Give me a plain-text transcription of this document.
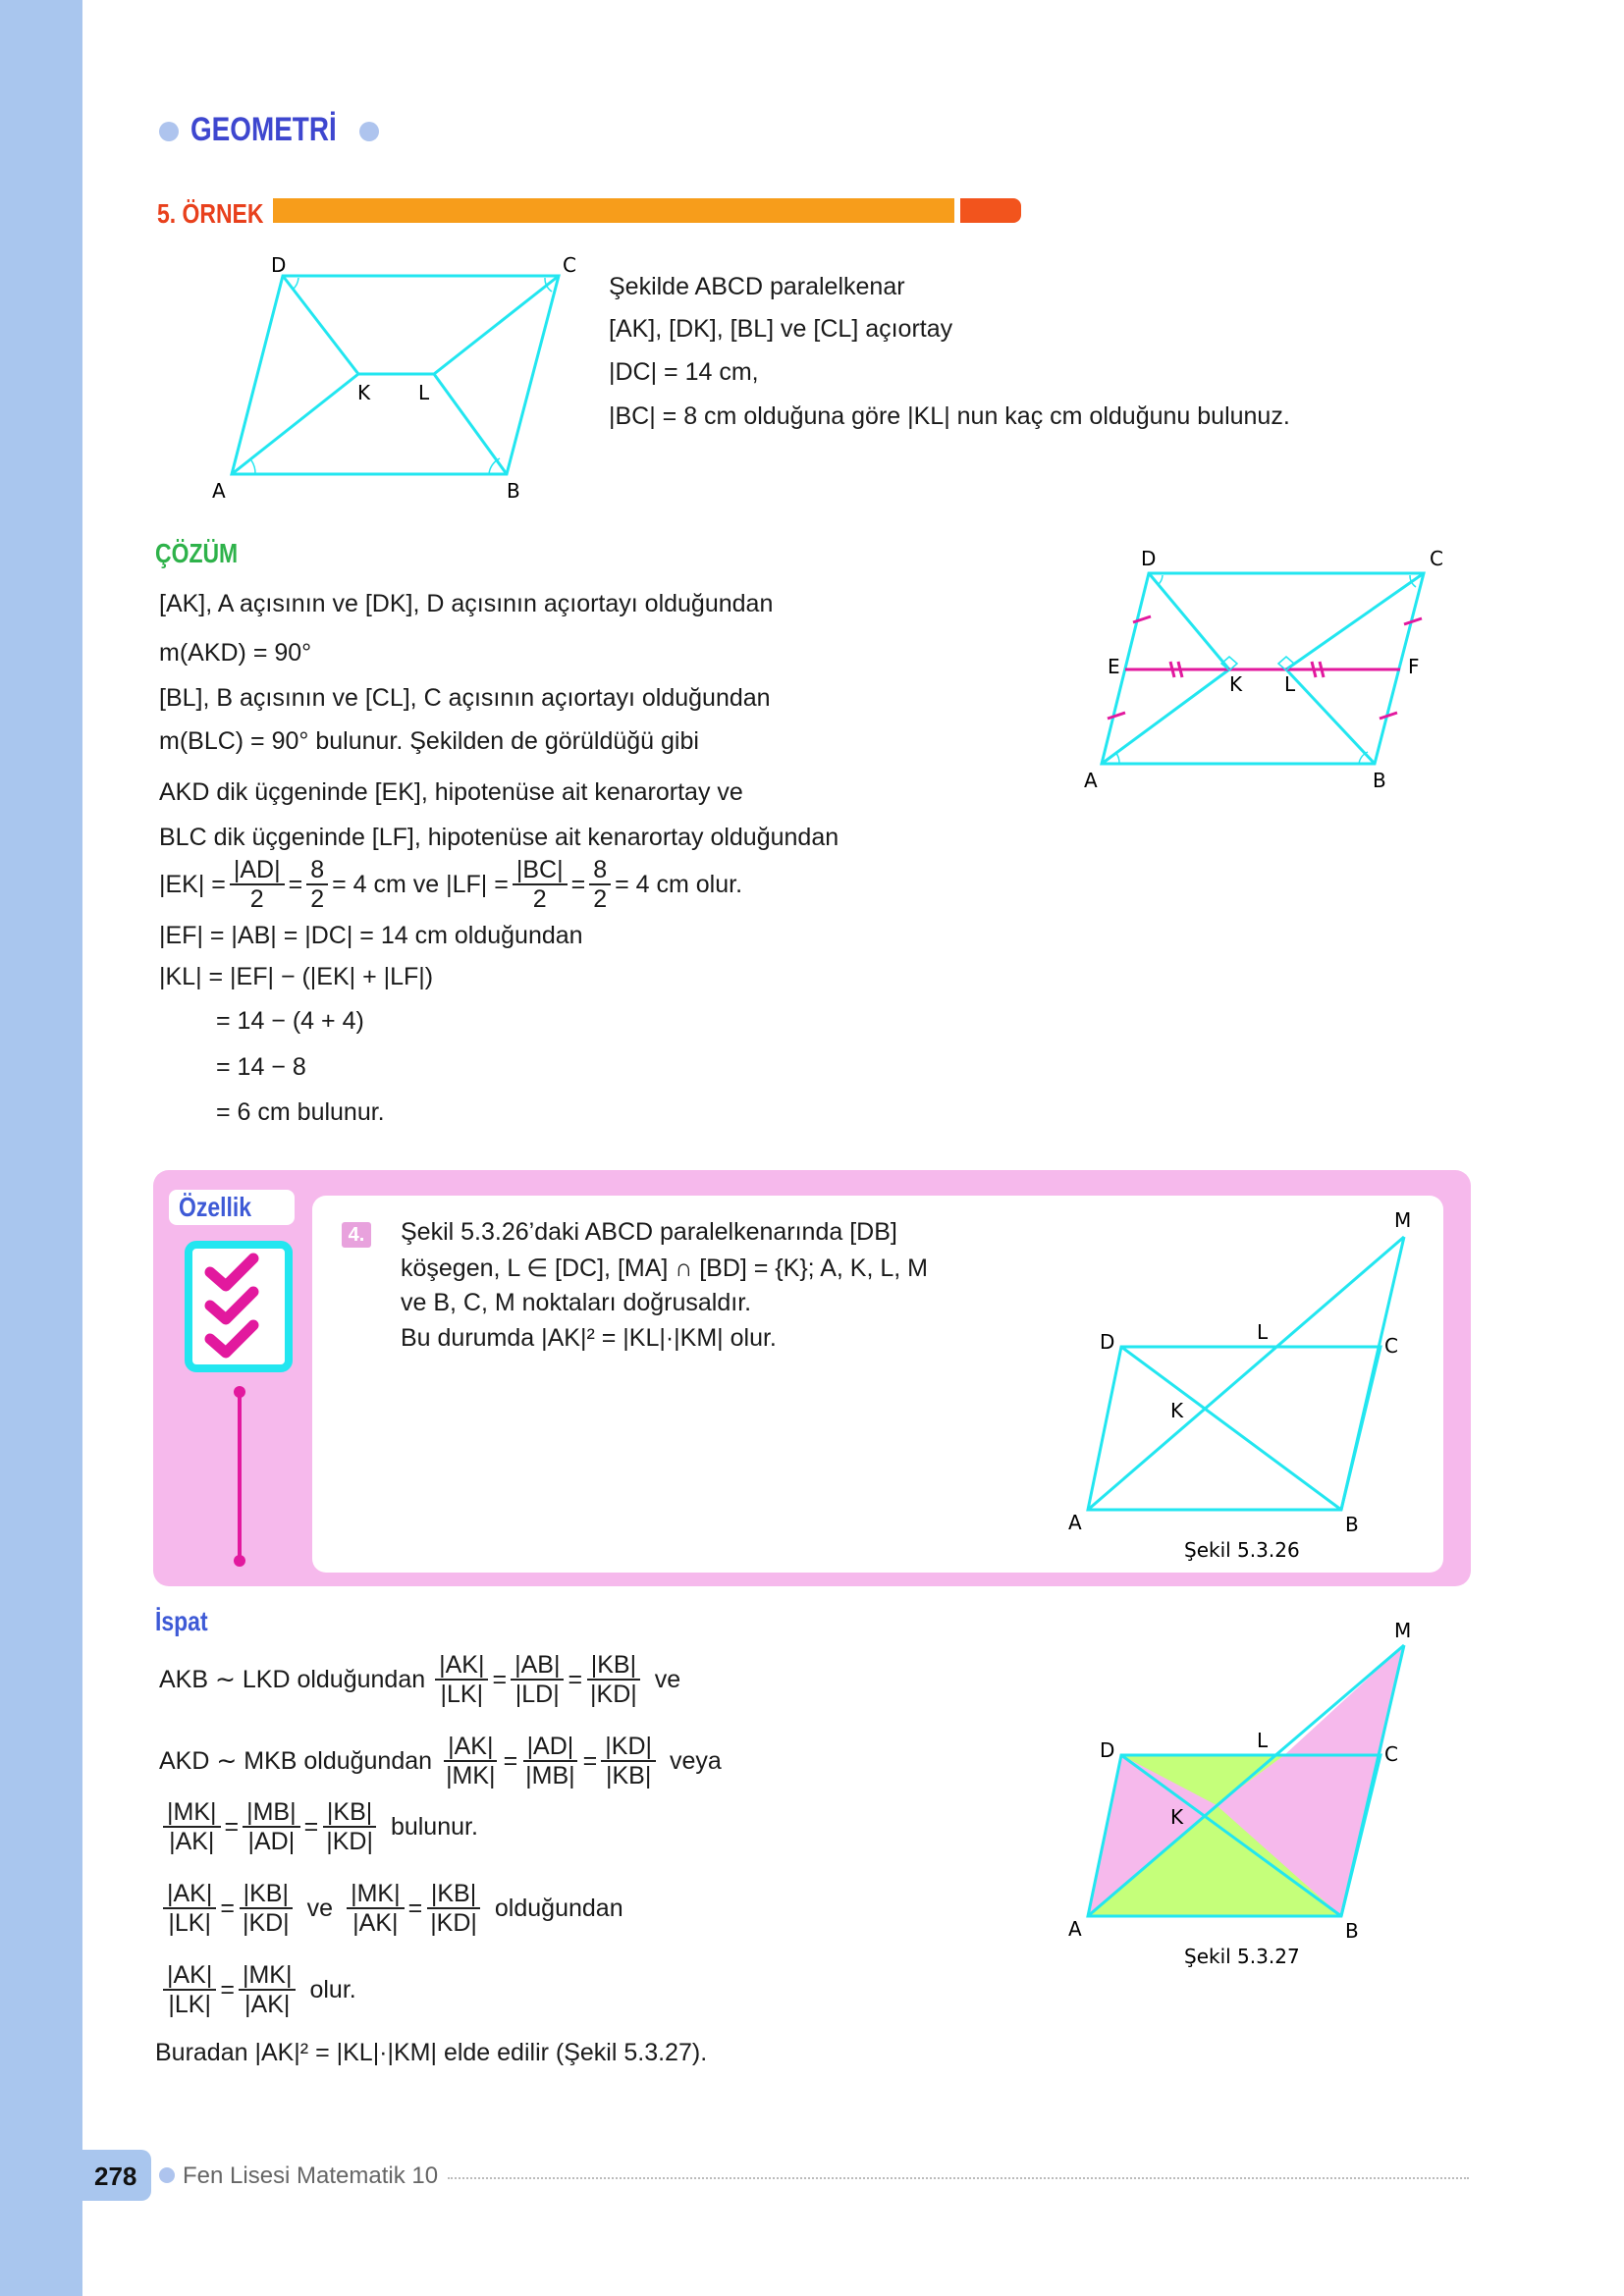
GEOMETRİ
5. ÖRNEK
D	C
A	B
K L
Şekilde ABCD paralelkenar
[AK], [DK], [BL] ve [CL] açıortay
|DC| = 14 cm,
|BC| = 8 cm olduğuna göre |KL| nun kaç cm olduğunu bulunuz.
ÇÖZÜM
[AK], A açısının ve [DK], D açısının açıortayı olduğundan
m(AKD) = 90°
[BL], B açısının ve [CL], C açısının açıortayı olduğundan
m(BLC) = 90° bulunur. Şekilden de görüldüğü gibi
AKD dik üçgeninde [EK], hipotenüse ait kenarortay ve
BLC dik üçgeninde [LF], hipotenüse ait kenarortay olduğundan
$|EK| = \frac{|AD|}{2} = \frac{8}{2} = 4$ cm ve $|LF| = \frac{|BC|}{2} = \frac{8}{2} = 4$ cm olur.
|EF| = |AB| = |DC| = 14 cm olduğundan
|KL| = |EF| − (|EK| + |LF|)
= 14 − (4 + 4)
= 14 − 8
= 6 cm bulunur.
D	C
A	B
E	F
K L
Özellik
4. Şekil 5.3.26’daki ABCD paralelkenarında [DB]
köşegen, L ∈ [DC], [MA] ∩ [BD] = {K}; A, K, L, M
ve B, C, M noktaları doğrusaldır.
Bu durumda |AK|² = |KL|·|KM| olur.	D	C
A	B
K
L
M
Şekil 5.3.26
İspat
AKB ∼ LKD olduğundan $\frac{|AK|}{|LK|} = \frac{|AB|}{|LD|} = \frac{|KB|}{|KD|}$ ve
AKD ∼ MKB olduğundan $\frac{|AK|}{|MK|} = \frac{|AD|}{|MB|} = \frac{|KD|}{|KB|}$ veya
$\frac{|MK|}{|AK|} = \frac{|MB|}{|AD|} = \frac{|KB|}{|KD|}$ bulunur.
$\frac{|AK|}{|LK|} = \frac{|KB|}{|KD|}$ ve $\frac{|MK|}{|AK|} = \frac{|KB|}{|KD|}$ olduğundan
$\frac{|AK|}{|LK|} = \frac{|MK|}{|AK|}$ olur.
Buradan |AK|² = |KL|·|KM| elde edilir (Şekil 5.3.27).
D	C
A	B
K
L
M
Şekil 5.3.27
278 Fen Lisesi Matematik 10
